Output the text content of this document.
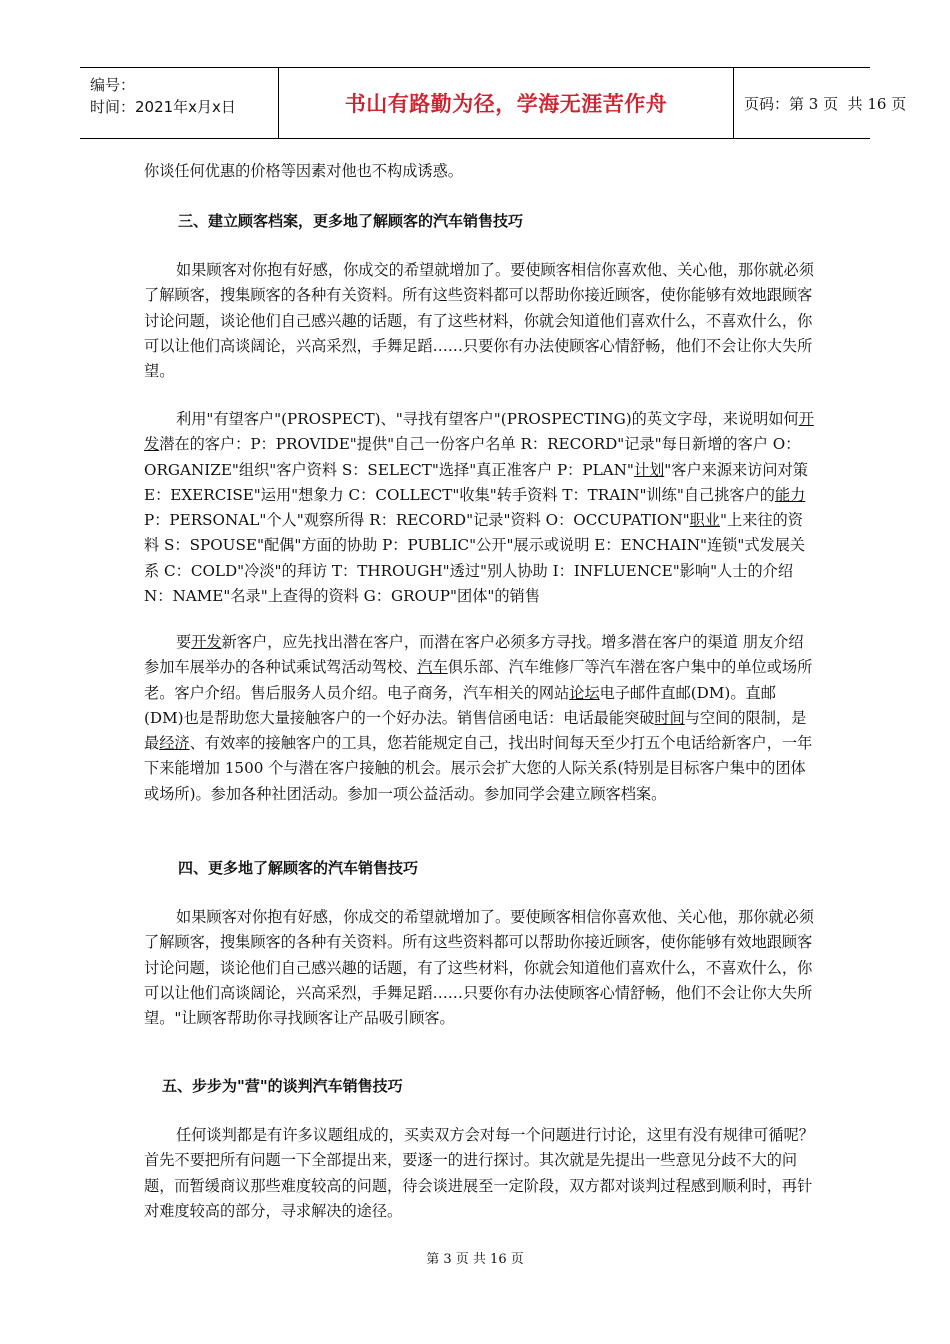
编号：
时间：2021年x月x日	书山有路勤为径，学海无涯苦作舟	页码：第 3 页  共 16 页

你谈任何优惠的价格等因素对他也不构成诱惑。

三、建立顾客档案，更多地了解顾客的汽车销售技巧

如果顾客对你抱有好感，你成交的希望就增加了。要使顾客相信你喜欢他、关心他，那你就必须了解顾客，搜集顾客的各种有关资料。所有这些资料都可以帮助你接近顾客，使你能够有效地跟顾客讨论问题，谈论他们自己感兴趣的话题，有了这些材料，你就会知道他们喜欢什么，不喜欢什么，你可以让他们高谈阔论，兴高采烈，手舞足蹈……只要你有办法使顾客心情舒畅，他们不会让你大失所望。

利用"有望客户"(PROSPECT)、"寻找有望客户"(PROSPECTING)的英文字母，来说明如何开发潜在的客户：P：PROVIDE"提供"自己一份客户名单 R：RECORD"记录"每日新增的客户 O：ORGANIZE"组织"客户资料 S：SELECT"选择"真正准客户 P：PLAN"计划"客户来源来访问对策 E：EXERCISE"运用"想象力 C：COLLECT"收集"转手资料 T：TRAIN"训练"自己挑客户的能力 P：PERSONAL"个人"观察所得 R：RECORD"记录"资料 O：OCCUPATION"职业"上来往的资料 S：SPOUSE"配偶"方面的协助 P：PUBLIC"公开"展示或说明 E：ENCHAIN"连锁"式发展关系 C：COLD"冷淡"的拜访 T：THROUGH"透过"别人协助 I：INFLUENCE"影响"人士的介绍 N：NAME"名录"上查得的资料 G：GROUP"团体"的销售

要开发新客户，应先找出潜在客户，而潜在客户必须多方寻找。增多潜在客户的渠道 朋友介绍参加车展举办的各种试乘试驾活动驾校、汽车俱乐部、汽车维修厂等汽车潜在客户集中的单位或场所老。客户介绍。售后服务人员介绍。电子商务，汽车相关的网站论坛电子邮件直邮(DM)。直邮(DM)也是帮助您大量接触客户的一个好办法。销售信函电话：电话最能突破时间与空间的限制，是最经济、有效率的接触客户的工具，您若能规定自己，找出时间每天至少打五个电话给新客户，一年下来能增加 1500 个与潜在客户接触的机会。展示会扩大您的人际关系(特别是目标客户集中的团体或场所)。参加各种社团活动。参加一项公益活动。参加同学会建立顾客档案。

四、更多地了解顾客的汽车销售技巧

如果顾客对你抱有好感，你成交的希望就增加了。要使顾客相信你喜欢他、关心他，那你就必须了解顾客，搜集顾客的各种有关资料。所有这些资料都可以帮助你接近顾客，使你能够有效地跟顾客讨论问题，谈论他们自己感兴趣的话题，有了这些材料，你就会知道他们喜欢什么，不喜欢什么，你可以让他们高谈阔论，兴高采烈，手舞足蹈……只要你有办法使顾客心情舒畅，他们不会让你大失所望。"让顾客帮助你寻找顾客让产品吸引顾客。

五、步步为"营"的谈判汽车销售技巧

任何谈判都是有许多议题组成的，买卖双方会对每一个问题进行讨论，这里有没有规律可循呢？首先不要把所有问题一下全部提出来，要逐一的进行探讨。其次就是先提出一些意见分歧不大的问题，而暂缓商议那些难度较高的问题，待会谈进展至一定阶段，双方都对谈判过程感到顺利时，再针对难度较高的部分，寻求解决的途径。

第 3 页 共 16 页
